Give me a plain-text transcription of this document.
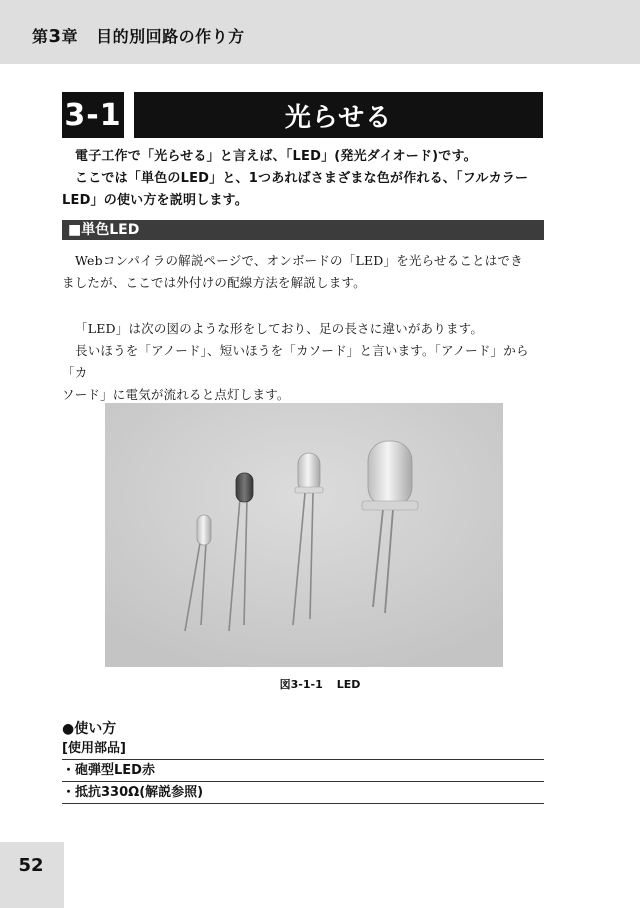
第3章 目的別回路の作り方
3-1	光らせる
電子工作で「光らせる」と言えば、「LED」(発光ダイオード)です。
ここでは「単色のLED」と、1つあればさまざまな色が作れる、「フルカラー
LED」の使い方を説明します。
■単色LED
Webコンパイラの解説ページで、オンボードの「LED」を光らせることはでき
ましたが、ここでは外付けの配線方法を解説します。
「LED」は次の図のような形をしており、足の長さに違いがあります。
長いほうを「アノード」、短いほうを「カソード」と言います。「アノード」から「カ
ソード」に電気が流れると点灯します。
図3-1-1 LED
●使い方
[使用部品]
・砲弾型LED赤
・抵抗330Ω(解説参照)
52
